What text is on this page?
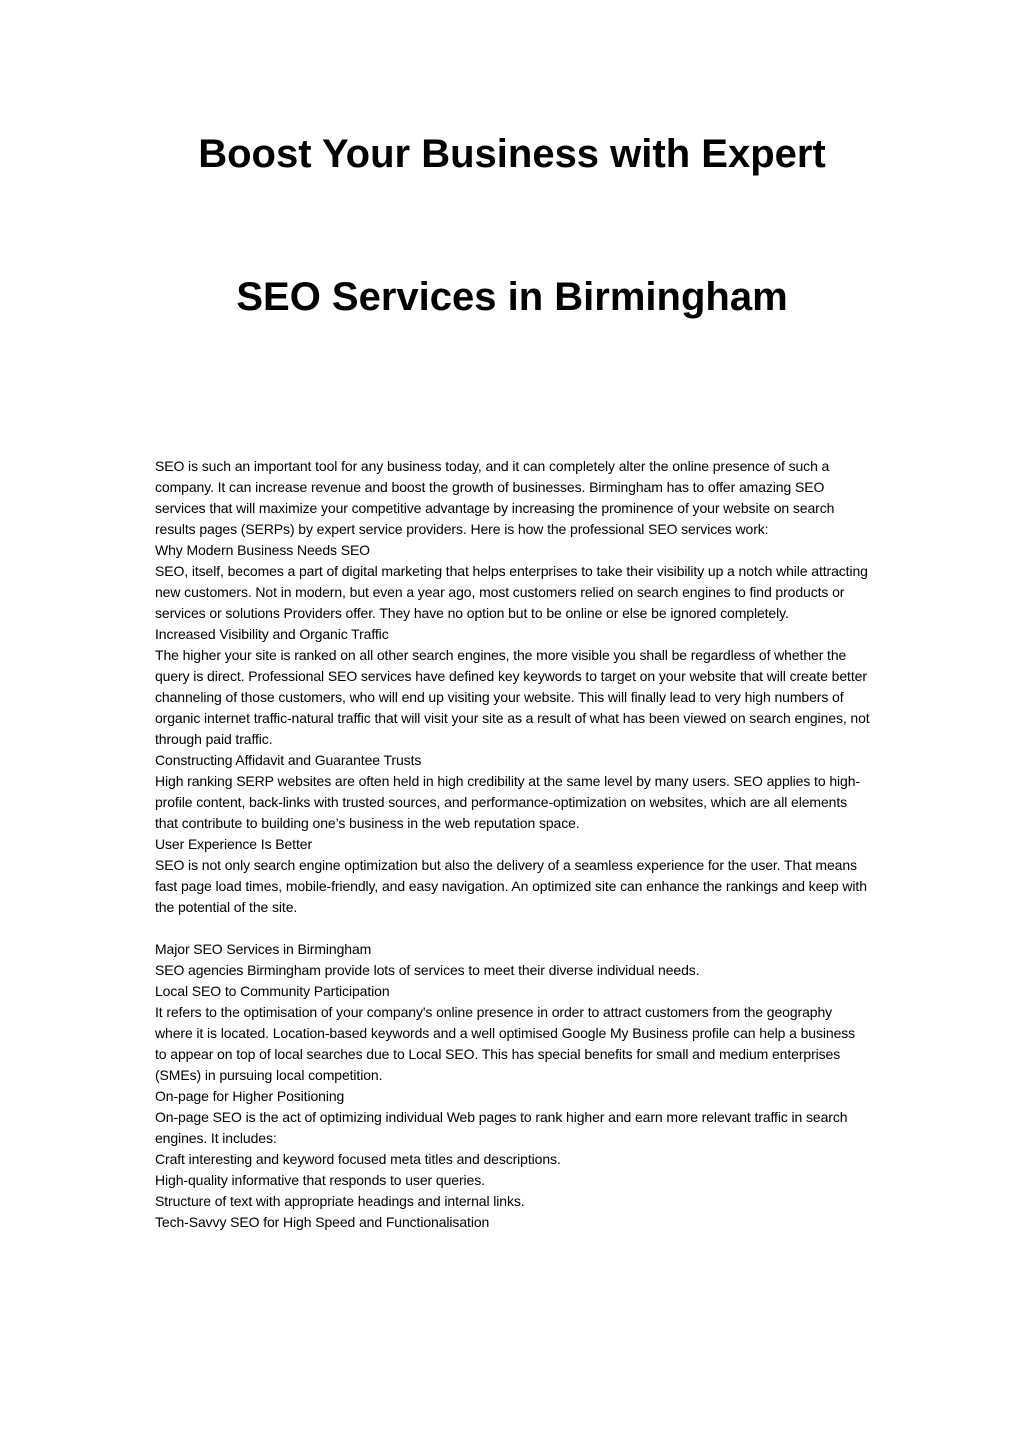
Boost Your Business with Expert
SEO Services in Birmingham

SEO is such an important tool for any business today, and it can completely alter the online presence of such a company. It can increase revenue and boost the growth of businesses. Birmingham has to offer amazing SEO services that will maximize your competitive advantage by increasing the prominence of your website on search results pages (SERPs) by expert service providers. Here is how the professional SEO services work:

Why Modern Business Needs SEO

SEO, itself, becomes a part of digital marketing that helps enterprises to take their visibility up a notch while attracting new customers. Not in modern, but even a year ago, most customers relied on search engines to find products or services or solutions Providers offer. They have no option but to be online or else be ignored completely.

Increased Visibility and Organic Traffic

The higher your site is ranked on all other search engines, the more visible you shall be regardless of whether the query is direct. Professional SEO services have defined key keywords to target on your website that will create better channeling of those customers, who will end up visiting your website. This will finally lead to very high numbers of organic internet traffic-natural traffic that will visit your site as a result of what has been viewed on search engines, not through paid traffic.

Constructing Affidavit and Guarantee Trusts

High ranking SERP websites are often held in high credibility at the same level by many users. SEO applies to high-profile content, back-links with trusted sources, and performance-optimization on websites, which are all elements that contribute to building one’s business in the web reputation space.

User Experience Is Better

SEO is not only search engine optimization but also the delivery of a seamless experience for the user. That means fast page load times, mobile-friendly, and easy navigation. An optimized site can enhance the rankings and keep with the potential of the site.

Major SEO Services in Birmingham

SEO agencies Birmingham provide lots of services to meet their diverse individual needs.

Local SEO to Community Participation

It refers to the optimisation of your company's online presence in order to attract customers from the geography where it is located. Location-based keywords and a well optimised Google My Business profile can help a business to appear on top of local searches due to Local SEO. This has special benefits for small and medium enterprises (SMEs) in pursuing local competition.

On-page for Higher Positioning

On-page SEO is the act of optimizing individual Web pages to rank higher and earn more relevant traffic in search engines. It includes:

Craft interesting and keyword focused meta titles and descriptions.

High-quality informative that responds to user queries.

Structure of text with appropriate headings and internal links.

Tech-Savvy SEO for High Speed and Functionalisation
